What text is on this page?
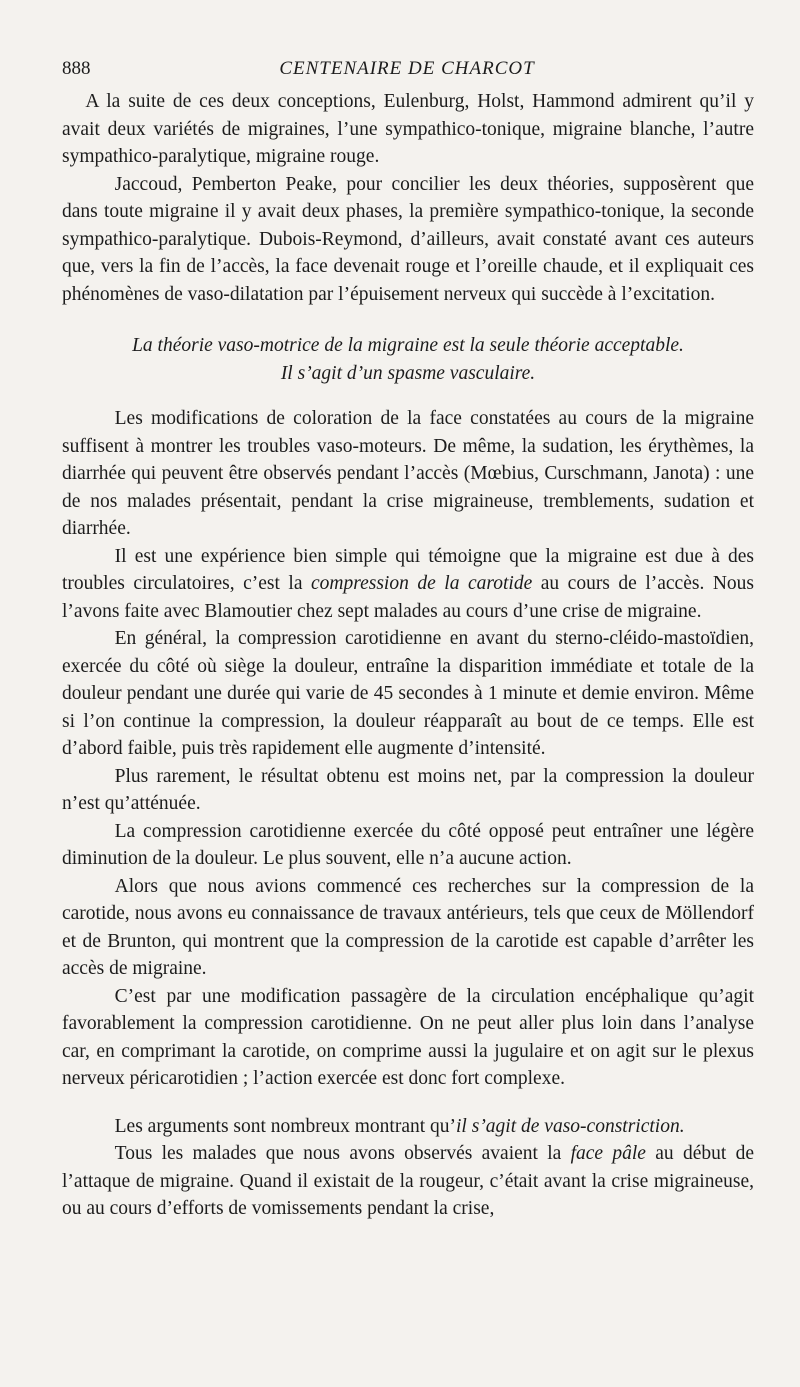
888	CENTENAIRE DE CHARCOT

A la suite de ces deux conceptions, Eulenburg, Holst, Hammond admirent qu’il y avait deux variétés de migraines, l’une sympathico-tonique, migraine blanche, l’autre sympathico-paralytique, migraine rouge.

Jaccoud, Pemberton Peake, pour concilier les deux théories, supposèrent que dans toute migraine il y avait deux phases, la première sympathico-tonique, la seconde sympathico-paralytique. Dubois-Reymond, d’ailleurs, avait constaté avant ces auteurs que, vers la fin de l’accès, la face devenait rouge et l’oreille chaude, et il expliquait ces phénomènes de vaso-dilatation par l’épuisement nerveux qui succède à l’excitation.

La théorie vaso-motrice de la migraine est la seule théorie acceptable.
Il s’agit d’un spasme vasculaire.

Les modifications de coloration de la face constatées au cours de la migraine suffisent à montrer les troubles vaso-moteurs. De même, la sudation, les érythèmes, la diarrhée qui peuvent être observés pendant l’accès (Mœbius, Curschmann, Janota) : une de nos malades présentait, pendant la crise migraineuse, tremblements, sudation et diarrhée.

Il est une expérience bien simple qui témoigne que la migraine est due à des troubles circulatoires, c’est la compression de la carotide au cours de l’accès. Nous l’avons faite avec Blamoutier chez sept malades au cours d’une crise de migraine.

En général, la compression carotidienne en avant du sterno-cléido-mastoïdien, exercée du côté où siège la douleur, entraîne la disparition immédiate et totale de la douleur pendant une durée qui varie de 45 secondes à 1 minute et demie environ. Même si l’on continue la compression, la douleur réapparaît au bout de ce temps. Elle est d’abord faible, puis très rapidement elle augmente d’intensité.

Plus rarement, le résultat obtenu est moins net, par la compression la douleur n’est qu’atténuée.

La compression carotidienne exercée du côté opposé peut entraîner une légère diminution de la douleur. Le plus souvent, elle n’a aucune action.

Alors que nous avions commencé ces recherches sur la compression de la carotide, nous avons eu connaissance de travaux antérieurs, tels que ceux de Möllendorf et de Brunton, qui montrent que la compression de la carotide est capable d’arrêter les accès de migraine.

C’est par une modification passagère de la circulation encéphalique qu’agit favorablement la compression carotidienne. On ne peut aller plus loin dans l’analyse car, en comprimant la carotide, on comprime aussi la jugulaire et on agit sur le plexus nerveux péricarotidien ; l’action exercée est donc fort complexe.

Les arguments sont nombreux montrant qu’il s’agit de vaso-constriction.

Tous les malades que nous avons observés avaient la face pâle au début de l’attaque de migraine. Quand il existait de la rougeur, c’était avant la crise migraineuse, ou au cours d’efforts de vomissements pendant la crise,
